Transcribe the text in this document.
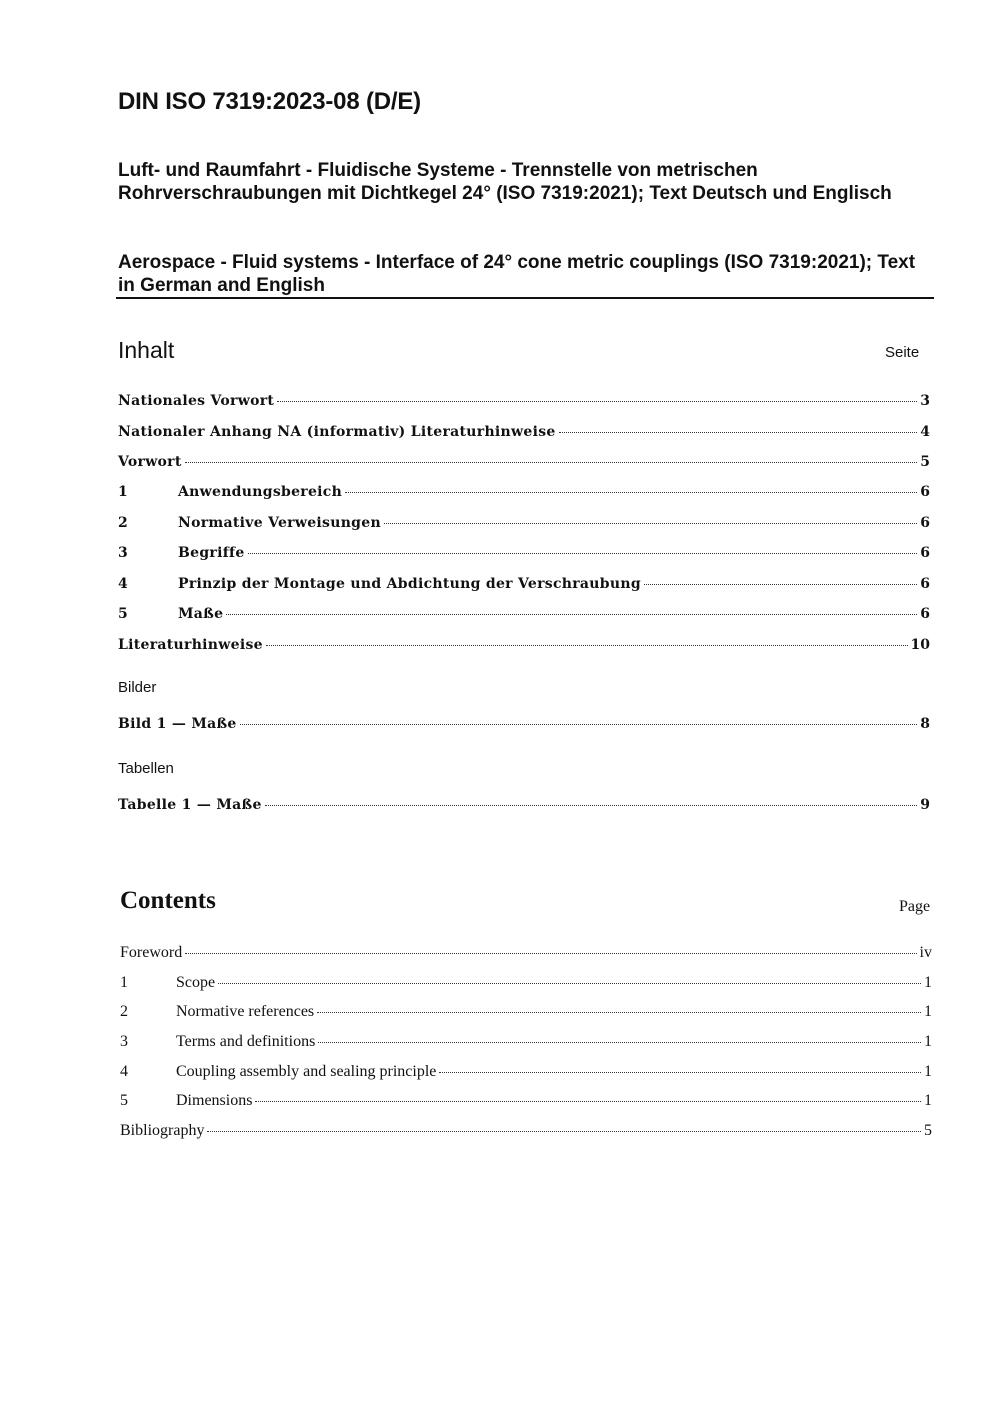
DIN ISO 7319:2023-08 (D/E)
Luft- und Raumfahrt - Fluidische Systeme - Trennstelle von metrischen Rohrverschraubungen mit Dichtkegel 24° (ISO 7319:2021); Text Deutsch und Englisch
Aerospace - Fluid systems - Interface of 24° cone metric couplings (ISO 7319:2021); Text in German and English
Inhalt	Seite
Nationales Vorwort	3
Nationaler Anhang NA (informativ) Literaturhinweise	4
Vorwort	5
1	Anwendungsbereich	6
2	Normative Verweisungen	6
3	Begriffe	6
4	Prinzip der Montage und Abdichtung der Verschraubung	6
5	Maße	6
Literaturhinweise	10
Bild 1 — Maße	8
Tabelle 1 — Maße	9
Bilder
Tabellen
Contents	Page
Foreword	iv
1	Scope	1
2	Normative references	1
3	Terms and definitions	1
4	Coupling assembly and sealing principle	1
5	Dimensions	1
Bibliography	5
